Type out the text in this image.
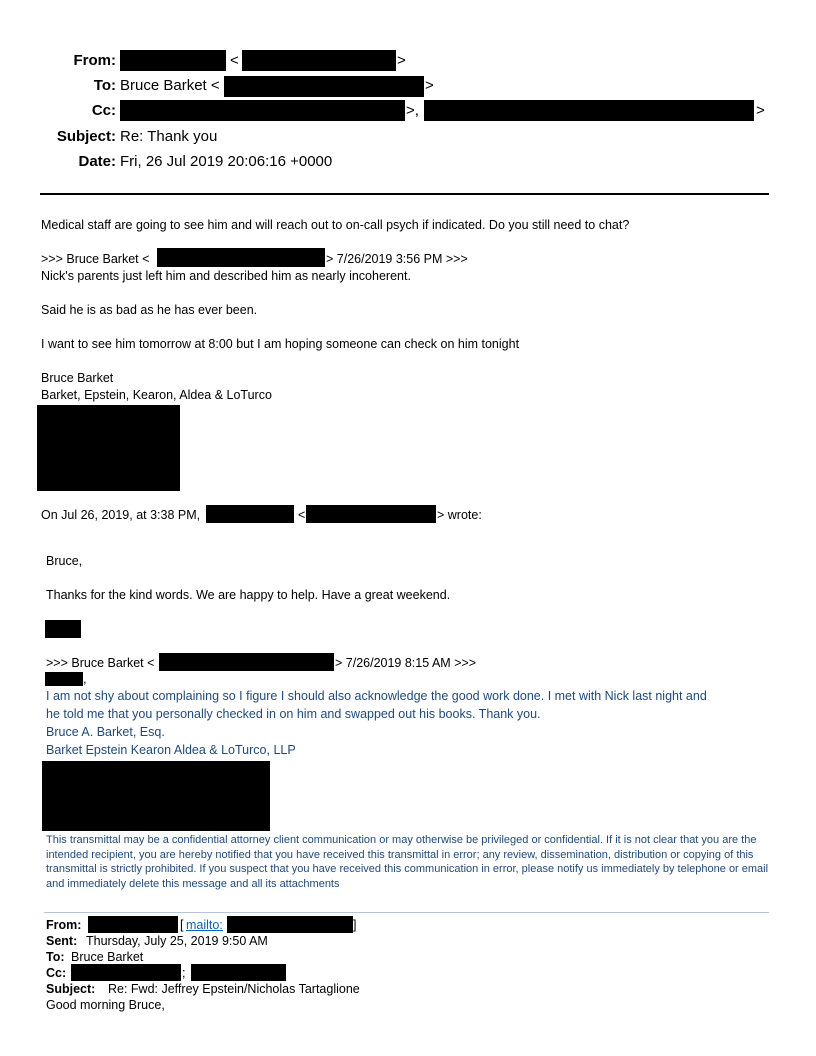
From:	<	>
To: Bruce Barket <	>
Cc:	>,	>
Subject: Re: Thank you
Date: Fri, 26 Jul 2019 20:06:16 +0000
Medical staff are going to see him and will reach out to on-call psych if indicated. Do you still need to chat?
>>> Bruce Barket <	> 7/26/2019 3:56 PM >>>
Nick's parents just left him and described him as nearly incoherent.
Said he is as bad as he has ever been.
I want to see him tomorrow at 8:00 but I am hoping someone can check on him tonight
Bruce Barket
Barket, Epstein, Kearon, Aldea & LoTurco
On Jul 26, 2019, at 3:38 PM,	<	> wrote:
Bruce,
Thanks for the kind words. We are happy to help. Have a great weekend.
>>> Bruce Barket <	> 7/26/2019 8:15 AM >>>
,
I am not shy about complaining so I figure I should also acknowledge the good work done. I met with Nick last night and
he told me that you personally checked in on him and swapped out his books. Thank you.
Bruce A. Barket, Esq.
Barket Epstein Kearon Aldea & LoTurco, LLP
This transmittal may be a confidential attorney client communication or may otherwise be privileged or confidential. If it is not clear that you are the intended recipient, you are hereby notified that you have received this transmittal in error; any review, dissemination, distribution or copying of this transmittal is strictly prohibited. If you suspect that you have received this communication in error, please notify us immediately by telephone or email and immediately delete this message and all its attachments
From:	[ mailto:	]
Sent: Thursday, July 25, 2019 9:50 AM
To: Bruce Barket
Cc:	;
Subject: Re: Fwd: Jeffrey Epstein/Nicholas Tartaglione
Good morning Bruce,
